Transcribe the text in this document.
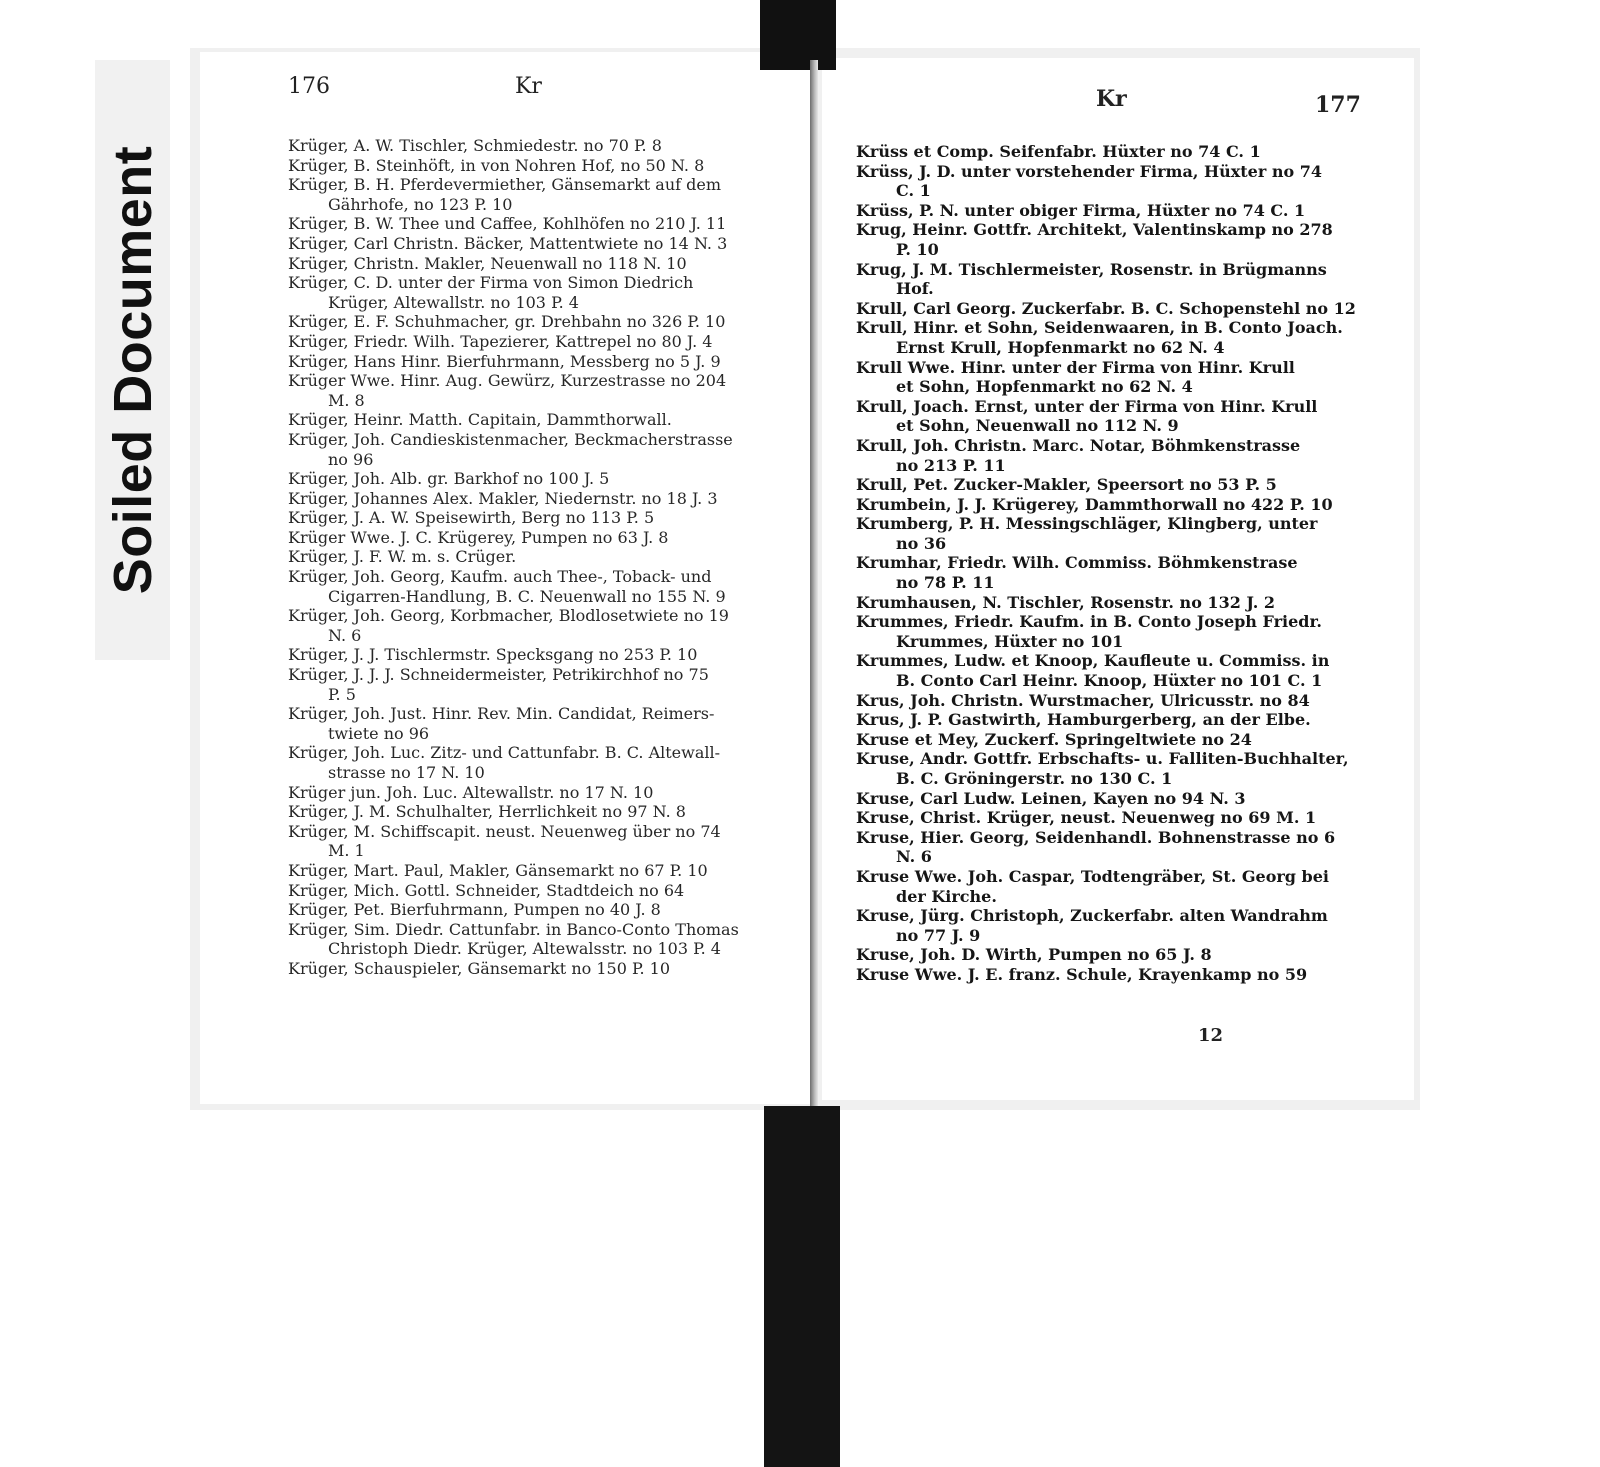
Soiled Document
176	Kr	Kr	177
Krüger, A. W. Tischler, Schmiedestr. no 70 P. 8
Krüger, B. Steinhöft, in von Nohren Hof, no 50 N. 8
Krüger, B. H. Pferdevermiether, Gänsemarkt auf dem
Gährhofe, no 123 P. 10
Krüger, B. W. Thee und Caffee, Kohlhöfen no 210 J. 11
Krüger, Carl Christn. Bäcker, Mattentwiete no 14 N. 3
Krüger, Christn. Makler, Neuenwall no 118 N. 10
Krüger, C. D. unter der Firma von Simon Diedrich
Krüger, Altewallstr. no 103 P. 4
Krüger, E. F. Schuhmacher, gr. Drehbahn no 326 P. 10
Krüger, Friedr. Wilh. Tapezierer, Kattrepel no 80 J. 4
Krüger, Hans Hinr. Bierfuhrmann, Messberg no 5 J. 9
Krüger Wwe. Hinr. Aug. Gewürz, Kurzestrasse no 204
M. 8
Krüger, Heinr. Matth. Capitain, Dammthorwall.
Krüger, Joh. Candieskistenmacher, Beckmacherstrasse
no 96
Krüger, Joh. Alb. gr. Barkhof no 100 J. 5
Krüger, Johannes Alex. Makler, Niedernstr. no 18 J. 3
Krüger, J. A. W. Speisewirth, Berg no 113 P. 5
Krüger Wwe. J. C. Krügerey, Pumpen no 63 J. 8
Krüger, J. F. W. m. s. Crüger.
Krüger, Joh. Georg, Kaufm. auch Thee-, Toback- und
Cigarren-Handlung, B. C. Neuenwall no 155 N. 9
Krüger, Joh. Georg, Korbmacher, Blodlosetwiete no 19
N. 6
Krüger, J. J. Tischlermstr. Specksgang no 253 P. 10
Krüger, J. J. J. Schneidermeister, Petrikirchhof no 75
P. 5
Krüger, Joh. Just. Hinr. Rev. Min. Candidat, Reimers-
twiete no 96
Krüger, Joh. Luc. Zitz- und Cattunfabr. B. C. Altewall-
strasse no 17 N. 10
Krüger jun. Joh. Luc. Altewallstr. no 17 N. 10
Krüger, J. M. Schulhalter, Herrlichkeit no 97 N. 8
Krüger, M. Schiffscapit. neust. Neuenweg über no 74
M. 1
Krüger, Mart. Paul, Makler, Gänsemarkt no 67 P. 10
Krüger, Mich. Gottl. Schneider, Stadtdeich no 64
Krüger, Pet. Bierfuhrmann, Pumpen no 40 J. 8
Krüger, Sim. Diedr. Cattunfabr. in Banco-Conto Thomas
Christoph Diedr. Krüger, Altewalsstr. no 103 P. 4
Krüger, Schauspieler, Gänsemarkt no 150 P. 10
Krüss et Comp. Seifenfabr. Hüxter no 74 C. 1
Krüss, J. D. unter vorstehender Firma, Hüxter no 74
C. 1
Krüss, P. N. unter obiger Firma, Hüxter no 74 C. 1
Krug, Heinr. Gottfr. Architekt, Valentinskamp no 278
P. 10
Krug, J. M. Tischlermeister, Rosenstr. in Brügmanns
Hof.
Krull, Carl Georg. Zuckerfabr. B. C. Schopenstehl no 12
Krull, Hinr. et Sohn, Seidenwaaren, in B. Conto Joach.
Ernst Krull, Hopfenmarkt no 62 N. 4
Krull Wwe. Hinr. unter der Firma von Hinr. Krull
et Sohn, Hopfenmarkt no 62 N. 4
Krull, Joach. Ernst, unter der Firma von Hinr. Krull
et Sohn, Neuenwall no 112 N. 9
Krull, Joh. Christn. Marc. Notar, Böhmkenstrasse
no 213 P. 11
Krull, Pet. Zucker-Makler, Speersort no 53 P. 5
Krumbein, J. J. Krügerey, Dammthorwall no 422 P. 10
Krumberg, P. H. Messingschläger, Klingberg, unter
no 36
Krumhar, Friedr. Wilh. Commiss. Böhmkenstrase
no 78 P. 11
Krumhausen, N. Tischler, Rosenstr. no 132 J. 2
Krummes, Friedr. Kaufm. in B. Conto Joseph Friedr.
Krummes, Hüxter no 101
Krummes, Ludw. et Knoop, Kaufleute u. Commiss. in
B. Conto Carl Heinr. Knoop, Hüxter no 101 C. 1
Krus, Joh. Christn. Wurstmacher, Ulricusstr. no 84
Krus, J. P. Gastwirth, Hamburgerberg, an der Elbe.
Kruse et Mey, Zuckerf. Springeltwiete no 24
Kruse, Andr. Gottfr. Erbschafts- u. Falliten-Buchhalter,
B. C. Gröningerstr. no 130 C. 1
Kruse, Carl Ludw. Leinen, Kayen no 94 N. 3
Kruse, Christ. Krüger, neust. Neuenweg no 69 M. 1
Kruse, Hier. Georg, Seidenhandl. Bohnenstrasse no 6
N. 6
Kruse Wwe. Joh. Caspar, Todtengräber, St. Georg bei
der Kirche.
Kruse, Jürg. Christoph, Zuckerfabr. alten Wandrahm
no 77 J. 9
Kruse, Joh. D. Wirth, Pumpen no 65 J. 8
Kruse Wwe. J. E. franz. Schule, Krayenkamp no 59
12
